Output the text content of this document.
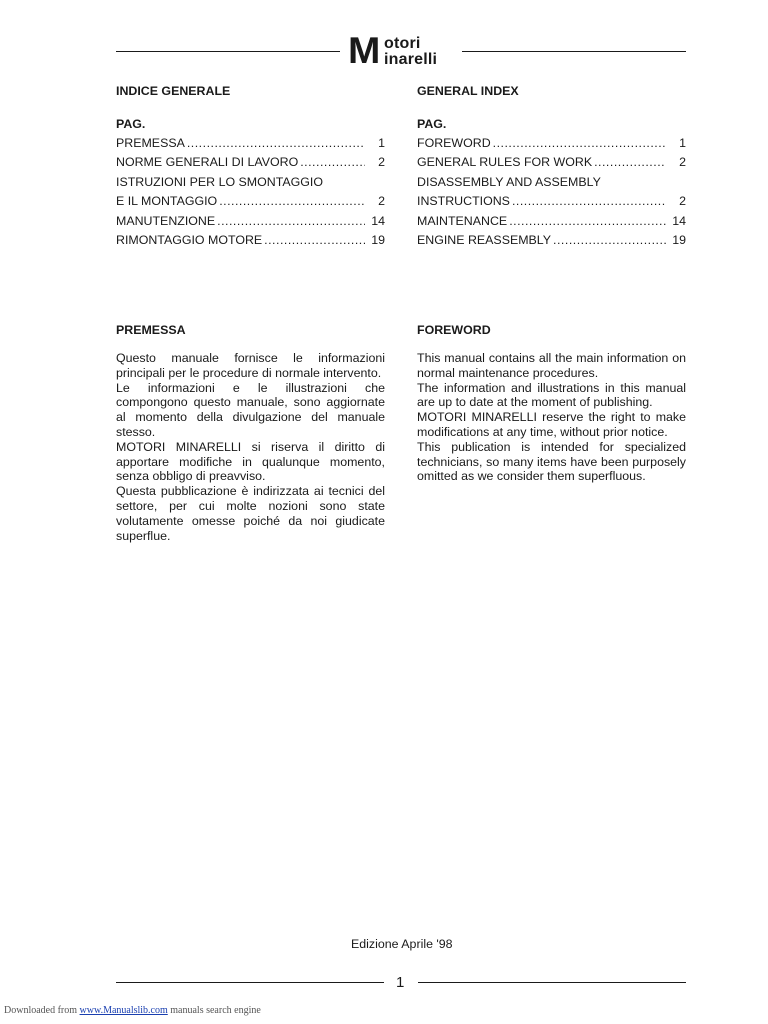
M otori
inarelli
INDICE GENERALE
PAG.
PREMESSA .....	1
NORME GENERALI DI LAVORO .....	2
ISTRUZIONI PER LO SMONTAGGIO
E IL MONTAGGIO .....	2
MANUTENZIONE .....	14
RIMONTAGGIO MOTORE .....	19
PREMESSA

Questo manuale fornisce le informazioni principali per le procedure di normale intervento.

Le informazioni e le illustrazioni che compongono questo manuale, sono aggiornate al momento della divulgazione del manuale stesso.

MOTORI MINARELLI si riserva il diritto di apportare modifiche in qualunque momento, senza obbligo di preavviso.

Questa pubblicazione è indirizzata ai tecnici del settore, per cui molte nozioni sono state volutamente omesse poiché da noi giudicate superflue.

GENERAL INDEX
PAG.
FOREWORD .....	1
GENERAL RULES FOR WORK .....	2
DISASSEMBLY AND ASSEMBLY
INSTRUCTIONS .....	2
MAINTENANCE .....	14
ENGINE REASSEMBLY .....	19
FOREWORD

This manual contains all the main information on normal maintenance procedures.

The information and illustrations in this manual are up to date at the moment of publishing.

MOTORI MINARELLI reserve the right to make modifications at any time, without prior notice.

This publication is intended for specialized technicians, so many items have been purposely omitted as we consider them superfluous.

Edizione Aprile '98
1
Downloaded from www.Manualslib.com manuals search engine
